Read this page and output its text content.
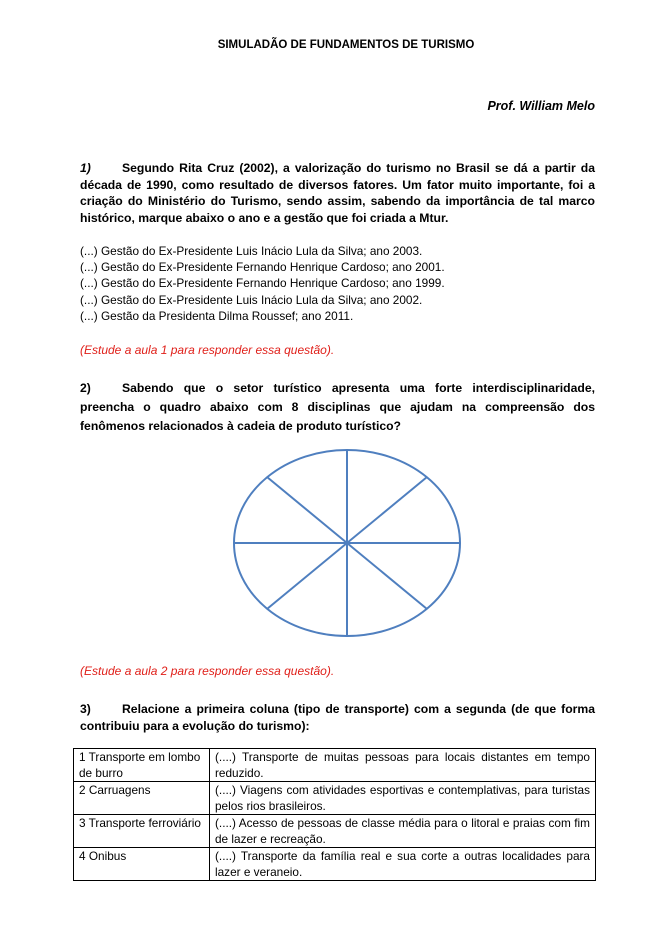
SIMULADÃO DE FUNDAMENTOS DE TURISMO
Prof. William Melo
1)	Segundo Rita Cruz (2002), a valorização do turismo no Brasil se dá a partir da década de 1990, como resultado de diversos fatores. Um fator muito importante, foi a criação do Ministério do Turismo, sendo assim, sabendo da importância de tal marco histórico, marque abaixo o ano e a gestão que foi criada a Mtur.
(...) Gestão do Ex-Presidente Luis Inácio Lula da Silva; ano 2003.
(...) Gestão do Ex-Presidente Fernando Henrique Cardoso; ano 2001.
(...) Gestão do Ex-Presidente Fernando Henrique Cardoso; ano 1999.
(...) Gestão do Ex-Presidente Luis Inácio Lula da Silva; ano 2002.
(...) Gestão da Presidenta Dilma Roussef; ano 2011.
(Estude a aula 1 para responder essa questão).
2)	Sabendo que o setor turístico apresenta uma forte interdisciplinaridade, preencha o quadro abaixo com 8 disciplinas que ajudam na compreensão dos fenômenos relacionados à cadeia de produto turístico?
(Estude a aula 2 para responder essa questão).
3)	Relacione a primeira coluna (tipo de transporte) com a segunda (de que forma contribuiu para a evolução do turismo):
1 Transporte em lombo de burro	(....) Transporte de muitas pessoas para locais distantes em tempo reduzido.
2 Carruagens	(....) Viagens com atividades esportivas e contemplativas, para turistas pelos rios brasileiros.
3 Transporte ferroviário	(....) Acesso de pessoas de classe média para o litoral e praias com fim de lazer e recreação.
4 Onibus	(....) Transporte da família real e sua corte a outras localidades para lazer e veraneio.
